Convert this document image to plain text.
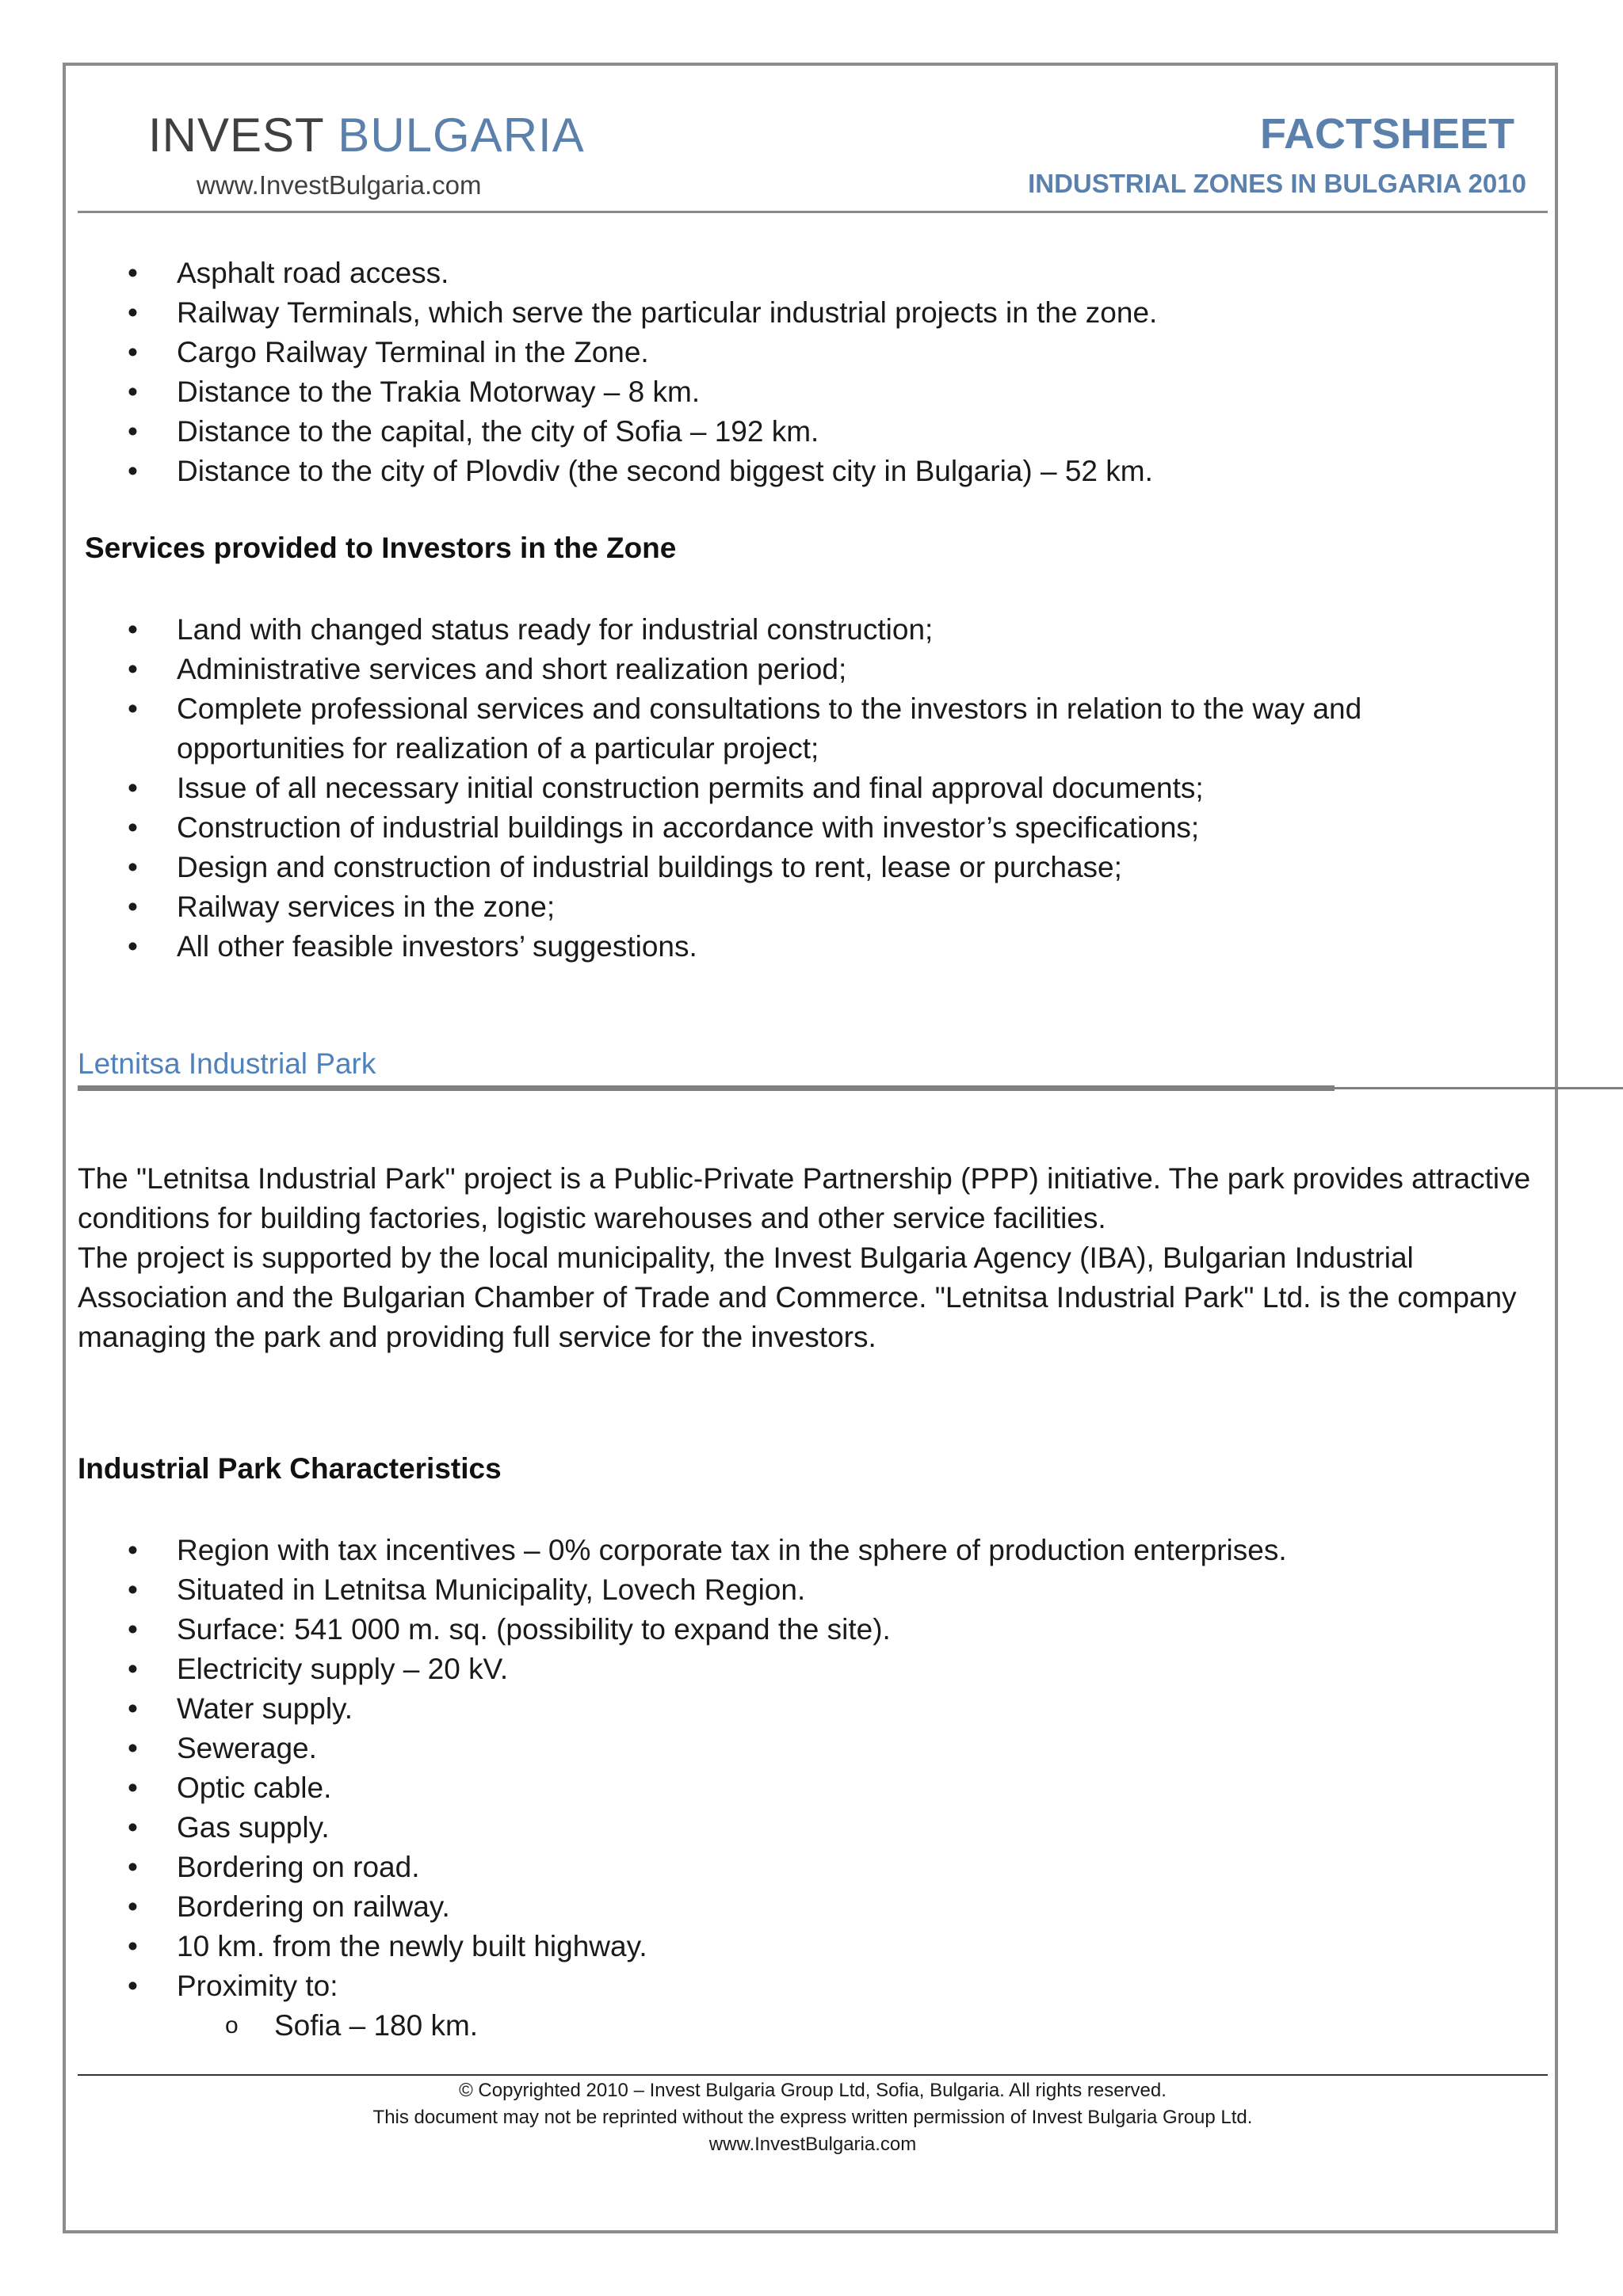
INVEST BULGARIA
www.InvestBulgaria.com
FACTSHEET
INDUSTRIAL ZONES IN BULGARIA 2010
• Asphalt road access.
• Railway Terminals, which serve the particular industrial projects in the zone.
• Cargo Railway Terminal in the Zone.
• Distance to the Trakia Motorway – 8 km.
• Distance to the capital, the city of Sofia – 192 km.
• Distance to the city of Plovdiv (the second biggest city in Bulgaria) – 52 km.
Services provided to Investors in the Zone
• Land with changed status ready for industrial construction;
• Administrative services and short realization period;
• Complete professional services and consultations to the investors in relation to the way and opportunities for realization of a particular project;
• Issue of all necessary initial construction permits and final approval documents;
• Construction of industrial buildings in accordance with investor’s specifications;
• Design and construction of industrial buildings to rent, lease or purchase;
• Railway services in the zone;
• All other feasible investors’ suggestions.
Letnitsa Industrial Park

The "Letnitsa Industrial Park" project is a Public-Private Partnership (PPP) initiative. The park provides attractive conditions for building factories, logistic warehouses and other service facilities.

The project is supported by the local municipality, the Invest Bulgaria Agency (IBA), Bulgarian Industrial Association and the Bulgarian Chamber of Trade and Commerce. "Letnitsa Industrial Park" Ltd. is the company managing the park and providing full service for the investors.

Industrial Park Characteristics
• Region with tax incentives – 0% corporate tax in the sphere of production enterprises.
• Situated in Letnitsa Municipality, Lovech Region.
• Surface: 541 000 m. sq. (possibility to expand the site).
• Electricity supply – 20 kV.
• Water supply.
• Sewerage.
• Optic cable.
• Gas supply.
• Bordering on road.
• Bordering on railway.
• 10 km. from the newly built highway.
• Proximity to:
o Sofia – 180 km.
© Copyrighted 2010 – Invest Bulgaria Group Ltd, Sofia, Bulgaria. All rights reserved.
This document may not be reprinted without the express written permission of Invest Bulgaria Group Ltd.
www.InvestBulgaria.com
